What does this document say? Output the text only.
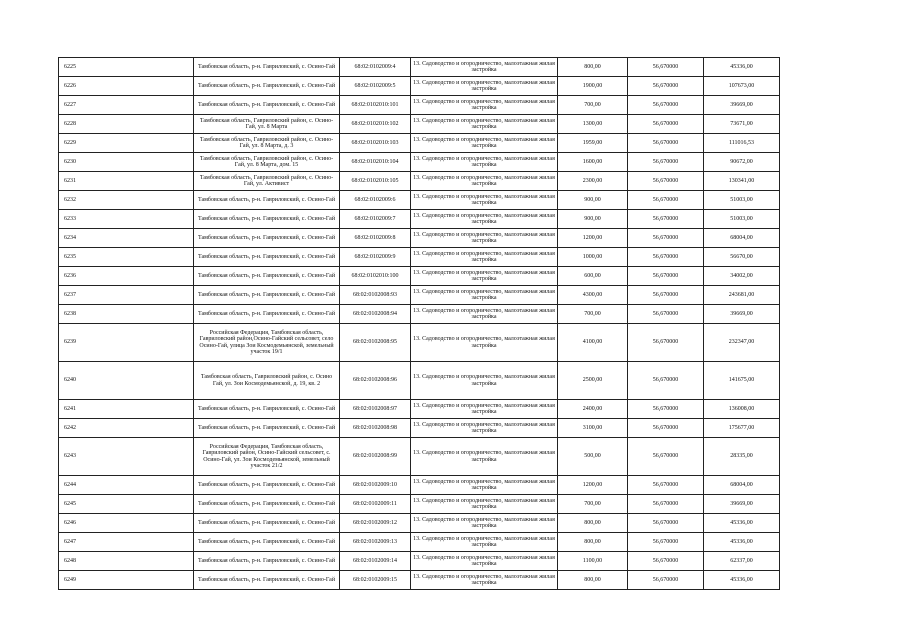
6225	Тамбовская область, р-н. Гавриловский, с. Осино-Гай	68:02:0102009:4	13. Садоводство и огородничество, малоэтажная жилая застройка	800,00	56,670000	45336,00
6226	Тамбовская область, р-н. Гавриловский, с. Осино-Гай	68:02:0102009:5	13. Садоводство и огородничество, малоэтажная жилая застройка	1900,00	56,670000	107673,00
6227	Тамбовская область, р-н. Гавриловский, с. Осино-Гай	68:02:0102010:101	13. Садоводство и огородничество, малоэтажная жилая застройка	700,00	56,670000	39669,00
6228	Тамбовская область, Гавриловский район, с. Осино-Гай, ул. 8 Марта	68:02:0102010:102	13. Садоводство и огородничество, малоэтажная жилая застройка	1300,00	56,670000	73671,00
6229	Тамбовская область, Гавриловский район, с. Осино-Гай, ул. 8 Марта, д. 3	68:02:0102010:103	13. Садоводство и огородничество, малоэтажная жилая застройка	1959,00	56,670000	111016,53
6230	Тамбовская область, Гавриловский район, с. Осино-Гай, ул. 8 Марта, дом. 15	68:02:0102010:104	13. Садоводство и огородничество, малоэтажная жилая застройка	1600,00	56,670000	90672,00
6231	Тамбовская область, Гавриловский район, с. Осино-Гай, ул. Активист	68:02:0102010:105	13. Садоводство и огородничество, малоэтажная жилая застройка	2300,00	56,670000	130341,00
6232	Тамбовская область, р-н. Гавриловский, с. Осино-Гай	68:02:0102009:6	13. Садоводство и огородничество, малоэтажная жилая застройка	900,00	56,670000	51003,00
6233	Тамбовская область, р-н. Гавриловский, с. Осино-Гай	68:02:0102009:7	13. Садоводство и огородничество, малоэтажная жилая застройка	900,00	56,670000	51003,00
6234	Тамбовская область, р-н. Гавриловский, с. Осино-Гай	68:02:0102009:8	13. Садоводство и огородничество, малоэтажная жилая застройка	1200,00	56,670000	68004,00
6235	Тамбовская область, р-н. Гавриловский, с. Осино-Гай	68:02:0102009:9	13. Садоводство и огородничество, малоэтажная жилая застройка	1000,00	56,670000	56670,00
6236	Тамбовская область, р-н. Гавриловский, с. Осино-Гай	68:02:0102010:100	13. Садоводство и огородничество, малоэтажная жилая застройка	600,00	56,670000	34002,00
6237	Тамбовская область, р-н. Гавриловский, с. Осино-Гай	68:02:0102008:93	13. Садоводство и огородничество, малоэтажная жилая застройка	4300,00	56,670000	243681,00
6238	Тамбовская область, р-н. Гавриловский, с. Осино-Гай	68:02:0102008:94	13. Садоводство и огородничество, малоэтажная жилая застройка	700,00	56,670000	39669,00
6239	Российская Федерация, Тамбовская область, Гавриловский район,Осино-Гайский сельсовет, село Осино-Гай, улица Зои Космодемьянской, земельный участок 19/1	68:02:0102008:95	13. Садоводство и огородничество, малоэтажная жилая застройка	4100,00	56,670000	232347,00
6240	Тамбовская область, Гавриловский район, с. Осино Гай, ул. Зои Космодемьянской, д. 19, кв. 2	68:02:0102008:96	13. Садоводство и огородничество, малоэтажная жилая застройка	2500,00	56,670000	141675,00
6241	Тамбовская область, р-н. Гавриловский, с. Осино-Гай	68:02:0102008:97	13. Садоводство и огородничество, малоэтажная жилая застройка	2400,00	56,670000	136008,00
6242	Тамбовская область, р-н. Гавриловский, с. Осино-Гай	68:02:0102008:98	13. Садоводство и огородничество, малоэтажная жилая застройка	3100,00	56,670000	175677,00
6243	Российская Федерация, Тамбовская область, Гавриловский район, Осино-Гайский сельсовет, с. Осино-Гай, ул. Зои Космодемьянской, земельный участок 21/2	68:02:0102008:99	13. Садоводство и огородничество, малоэтажная жилая застройка	500,00	56,670000	28335,00
6244	Тамбовская область, р-н. Гавриловский, с. Осино-Гай	68:02:0102009:10	13. Садоводство и огородничество, малоэтажная жилая застройка	1200,00	56,670000	68004,00
6245	Тамбовская область, р-н. Гавриловский, с. Осино-Гай	68:02:0102009:11	13. Садоводство и огородничество, малоэтажная жилая застройка	700,00	56,670000	39669,00
6246	Тамбовская область, р-н. Гавриловский, с. Осино-Гай	68:02:0102009:12	13. Садоводство и огородничество, малоэтажная жилая застройка	800,00	56,670000	45336,00
6247	Тамбовская область, р-н. Гавриловский, с. Осино-Гай	68:02:0102009:13	13. Садоводство и огородничество, малоэтажная жилая застройка	800,00	56,670000	45336,00
6248	Тамбовская область, р-н. Гавриловский, с. Осино-Гай	68:02:0102009:14	13. Садоводство и огородничество, малоэтажная жилая застройка	1100,00	56,670000	62337,00
6249	Тамбовская область, р-н. Гавриловский, с. Осино-Гай	68:02:0102009:15	13. Садоводство и огородничество, малоэтажная жилая застройка	800,00	56,670000	45336,00
